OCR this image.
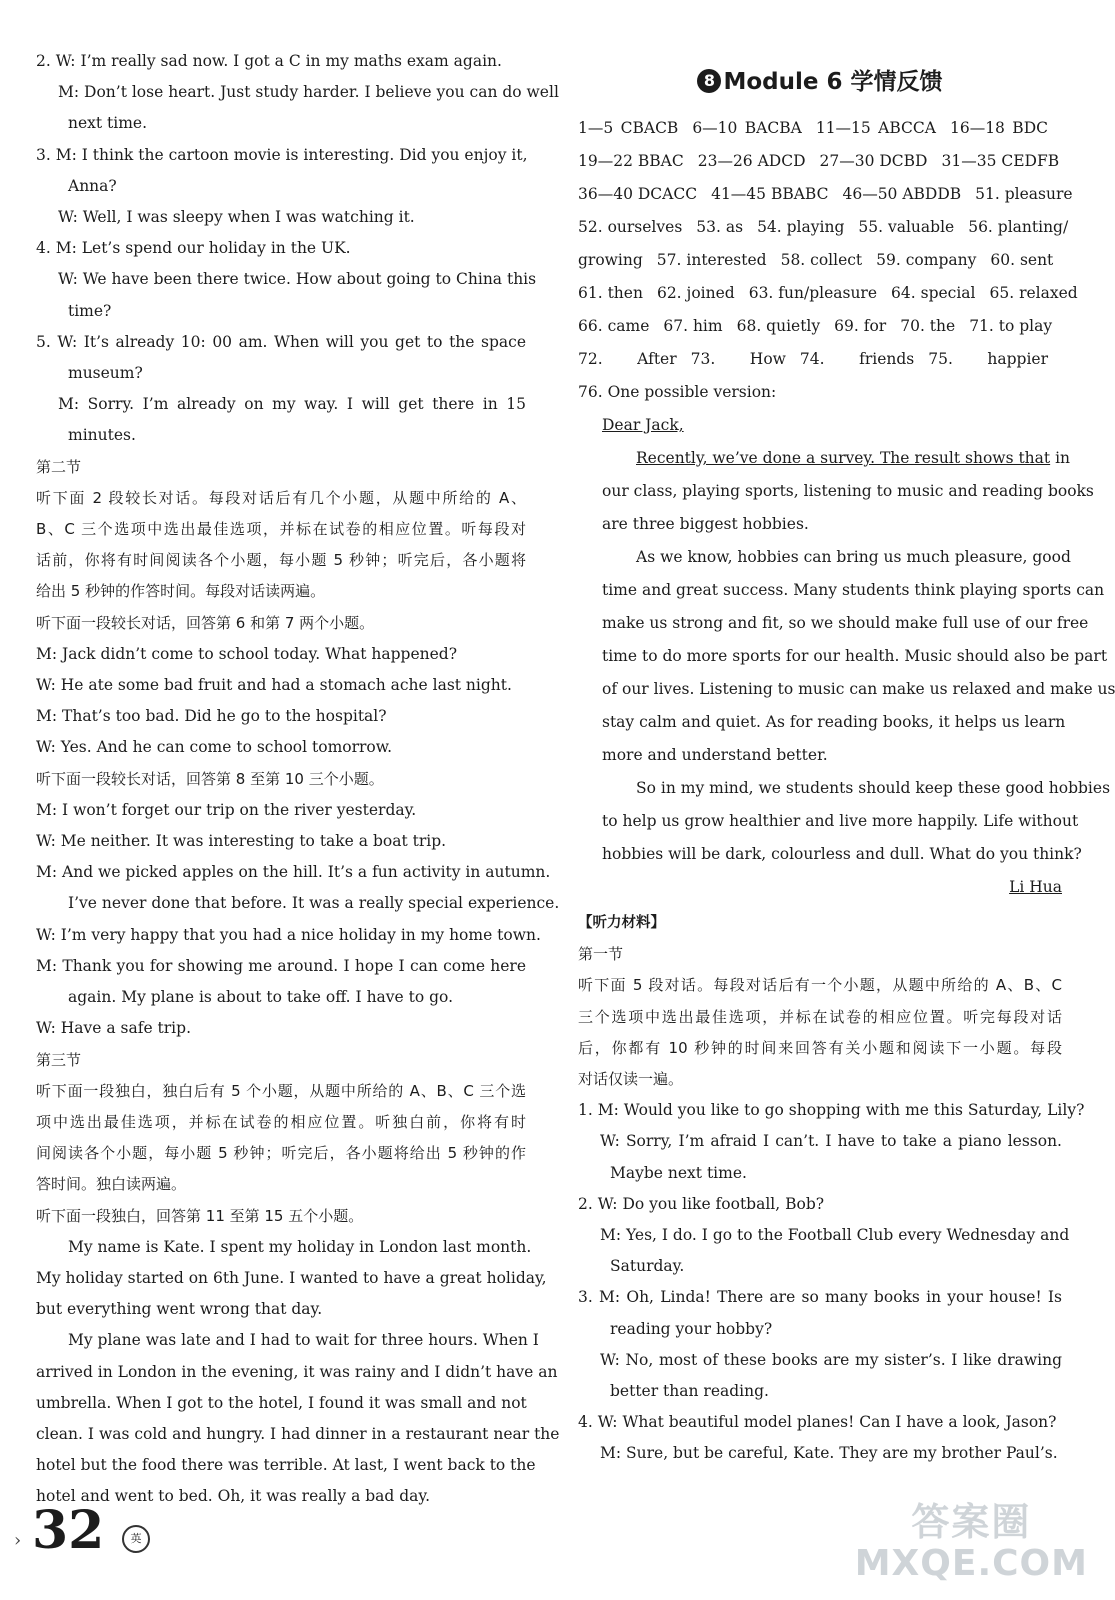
2. W: I’m really sad now. I got a C in my maths exam again.
M: Don’t lose heart. Just study harder. I believe you can do well
next time.
3. M: I think the cartoon movie is interesting. Did you enjoy it,
Anna?
W: Well, I was sleepy when I was watching it.
4. M: Let’s spend our holiday in the UK.
W: We have been there twice. How about going to China this
time?
5. W: It’s already 10: 00 am. When will you get to the space
museum?
M: Sorry. I’m already on my way. I will get there in 15
minutes.
第二节
听下面 2 段较长对话。每段对话后有几个小题，从题中所给的 A、
B、C 三个选项中选出最佳选项，并标在试卷的相应位置。听每段对
话前，你将有时间阅读各个小题，每小题 5 秒钟；听完后，各小题将
给出 5 秒钟的作答时间。每段对话读两遍。
听下面一段较长对话，回答第 6 和第 7 两个小题。
M: Jack didn’t come to school today. What happened?
W: He ate some bad fruit and had a stomach ache last night.
M: That’s too bad. Did he go to the hospital?
W: Yes. And he can come to school tomorrow.
听下面一段较长对话，回答第 8 至第 10 三个小题。
M: I won’t forget our trip on the river yesterday.
W: Me neither. It was interesting to take a boat trip.
M: And we picked apples on the hill. It’s a fun activity in autumn.
I’ve never done that before. It was a really special experience.
W: I’m very happy that you had a nice holiday in my home town.
M: Thank you for showing me around. I hope I can come here
again. My plane is about to take off. I have to go.
W: Have a safe trip.
第三节
听下面一段独白，独白后有 5 个小题，从题中所给的 A、B、C 三个选
项中选出最佳选项，并标在试卷的相应位置。听独白前，你将有时
间阅读各个小题，每小题 5 秒钟；听完后，各小题将给出 5 秒钟的作
答时间。独白读两遍。
听下面一段独白，回答第 11 至第 15 五个小题。
My name is Kate. I spent my holiday in London last month.
My holiday started on 6th June. I wanted to have a great holiday,
but everything went wrong that day.
My plane was late and I had to wait for three hours. When I
arrived in London in the evening, it was rainy and I didn’t have an
umbrella. When I got to the hotel, I found it was small and not
clean. I was cold and hungry. I had dinner in a restaurant near the
hotel but the food there was terrible. At last, I went back to the
hotel and went to bed. Oh, it was really a bad day.
8 Module 6 学情反馈
1—5 CBACB 6—10 BACBA 11—15 ABCCA 16—18 BDC
19—22 BBAC 23—26 ADCD 27—30 DCBD 31—35 CEDFB
36—40 DCACC 41—45 BBABC 46—50 ABDDB 51. pleasure
52. ourselves 53. as 54. playing 55. valuable 56. planting/
growing 57. interested 58. collect 59. company 60. sent
61. then 62. joined 63. fun/pleasure 64. special 65. relaxed
66. came 67. him 68. quietly 69. for 70. the 71. to play
72. After 73. How 74. friends 75. happier
76. One possible version:
Dear Jack,
Recently, we’ve done a survey. The result shows that in
our class, playing sports, listening to music and reading books
are three biggest hobbies.
As we know, hobbies can bring us much pleasure, good
time and great success. Many students think playing sports can
make us strong and fit, so we should make full use of our free
time to do more sports for our health. Music should also be part
of our lives. Listening to music can make us relaxed and make us
stay calm and quiet. As for reading books, it helps us learn
more and understand better.
So in my mind, we students should keep these good hobbies
to help us grow healthier and live more happily. Life without
hobbies will be dark, colourless and dull. What do you think?
Li Hua
【听力材料】
第一节
听下面 5 段对话。每段对话后有一个小题，从题中所给的 A、B、C
三个选项中选出最佳选项，并标在试卷的相应位置。听完每段对话
后，你都有 10 秒钟的时间来回答有关小题和阅读下一小题。每段
对话仅读一遍。
1. M: Would you like to go shopping with me this Saturday, Lily?
W: Sorry, I’m afraid I can’t. I have to take a piano lesson.
Maybe next time.
2. W: Do you like football, Bob?
M: Yes, I do. I go to the Football Club every Wednesday and
Saturday.
3. M: Oh, Linda! There are so many books in your house! Is
reading your hobby?
W: No, most of these books are my sister’s. I like drawing
better than reading.
4. W: What beautiful model planes! Can I have a look, Jason?
M: Sure, but be careful, Kate. They are my brother Paul’s.
› 32	英	答案圈
MXQE.COM
